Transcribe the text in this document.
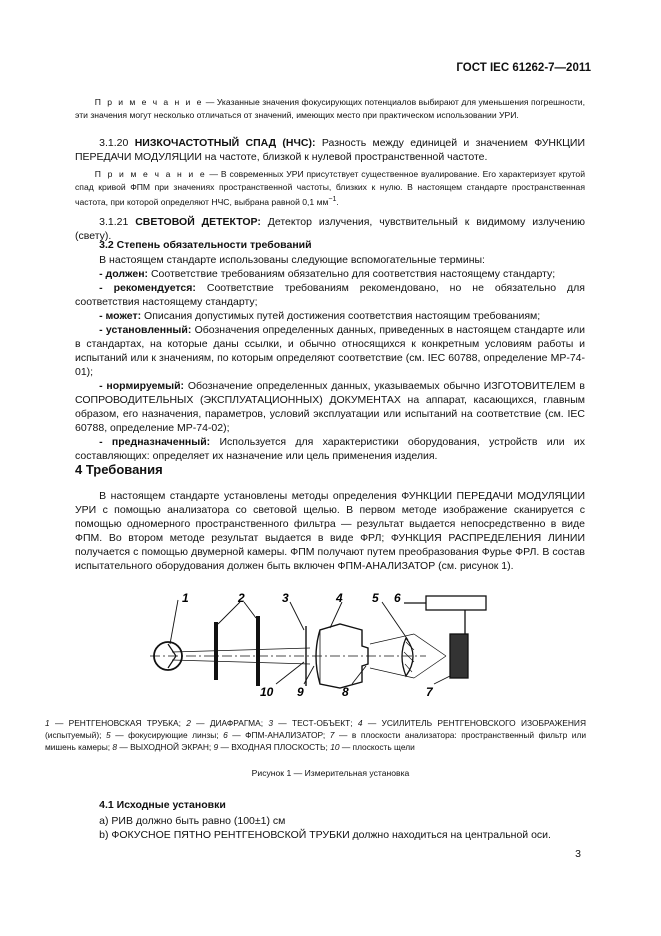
ГОСТ IEC 61262-7—2011
П р и м е ч а н и е — Указанные значения фокусирующих потенциалов выбирают для уменьшения погрешности, эти значения могут несколько отличаться от значений, имеющих место при практическом использовании УРИ.
3.1.20 НИЗКОЧАСТОТНЫЙ СПАД (НЧС): Разность между единицей и значением ФУНКЦИИ ПЕРЕДАЧИ МОДУЛЯЦИИ на частоте, близкой к нулевой пространственной частоте.
П р и м е ч а н и е — В современных УРИ присутствует существенное вуалирование. Его характеризует крутой спад кривой ФПМ при значениях пространственной частоты, близких к нулю. В настоящем стандарте пространственная частота, при которой определяют НЧС, выбрана равной 0,1 $мм^{-1}$.
3.1.21 СВЕТОВОЙ ДЕТЕКТОР: Детектор излучения, чувствительный к видимому излучению (свету).
3.2 Степень обязательности требований
В настоящем стандарте использованы следующие вспомогательные термины:
- должен: Соответствие требованиям обязательно для соответствия настоящему стандарту;
- рекомендуется: Соответствие требованиям рекомендовано, но не обязательно для соответствия настоящему стандарту;
- может: Описания допустимых путей достижения соответствия настоящим требованиям;
- установленный: Обозначения определенных данных, приведенных в настоящем стандарте или в стандартах, на которые даны ссылки, и обычно относящихся к конкретным условиям работы и испытаний или к значениям, по которым определяют соответствие (см. IEC 60788, определение МР-74-01);
- нормируемый: Обозначение определенных данных, указываемых обычно ИЗГОТОВИТЕЛЕМ в СОПРОВОДИТЕЛЬНЫХ (ЭКСПЛУАТАЦИОННЫХ) ДОКУМЕНТАХ на аппарат, касающихся, главным образом, его назначения, параметров, условий эксплуатации или испытаний на соответствие (см. IEC 60788, определение МР-74-02);
- предназначенный: Используется для характеристики оборудования, устройств или их составляющих: определяет их назначение или цель применения изделия.
4 Требования
В настоящем стандарте установлены методы определения ФУНКЦИИ ПЕРЕДАЧИ МОДУЛЯЦИИ УРИ с помощью анализатора со световой щелью. В первом методе изображение сканируется с помощью одномерного пространственного фильтра — результат выдается непосредственно в виде ФПМ. Во втором методе результат выдается в виде ФРЛ; ФУНКЦИЯ РАСПРЕДЕЛЕНИЯ ЛИНИИ получается с помощью двумерной камеры. ФПМ получают путем преобразования Фурье ФРЛ. В состав испытательного оборудования должен быть включен ФПМ-АНАЛИЗАТОР (см. рисунок 1).
1	2	3	4 5 6
7
8
9
10
1 — РЕНТГЕНОВСКАЯ ТРУБКА; 2 — ДИАФРАГМА; 3 — ТЕСТ-ОБЪЕКТ; 4 — УСИЛИТЕЛЬ РЕНТГЕНОВСКОГО ИЗОБРАЖЕНИЯ (испытуемый); 5 — фокусирующие линзы; 6 — ФПМ-АНАЛИЗАТОР; 7 — в плоскости анализатора: пространственный фильтр или мишень камеры; 8 — ВЫХОДНОЙ ЭКРАН; 9 — ВХОДНАЯ ПЛОСКОСТЬ; 10 — плоскость щели
Рисунок 1 — Измерительная установка
4.1 Исходные установки
а) РИВ должно быть равно (100±1) см
b) ФОКУСНОЕ ПЯТНО РЕНТГЕНОВСКОЙ ТРУБКИ должно находиться на центральной оси.
3
